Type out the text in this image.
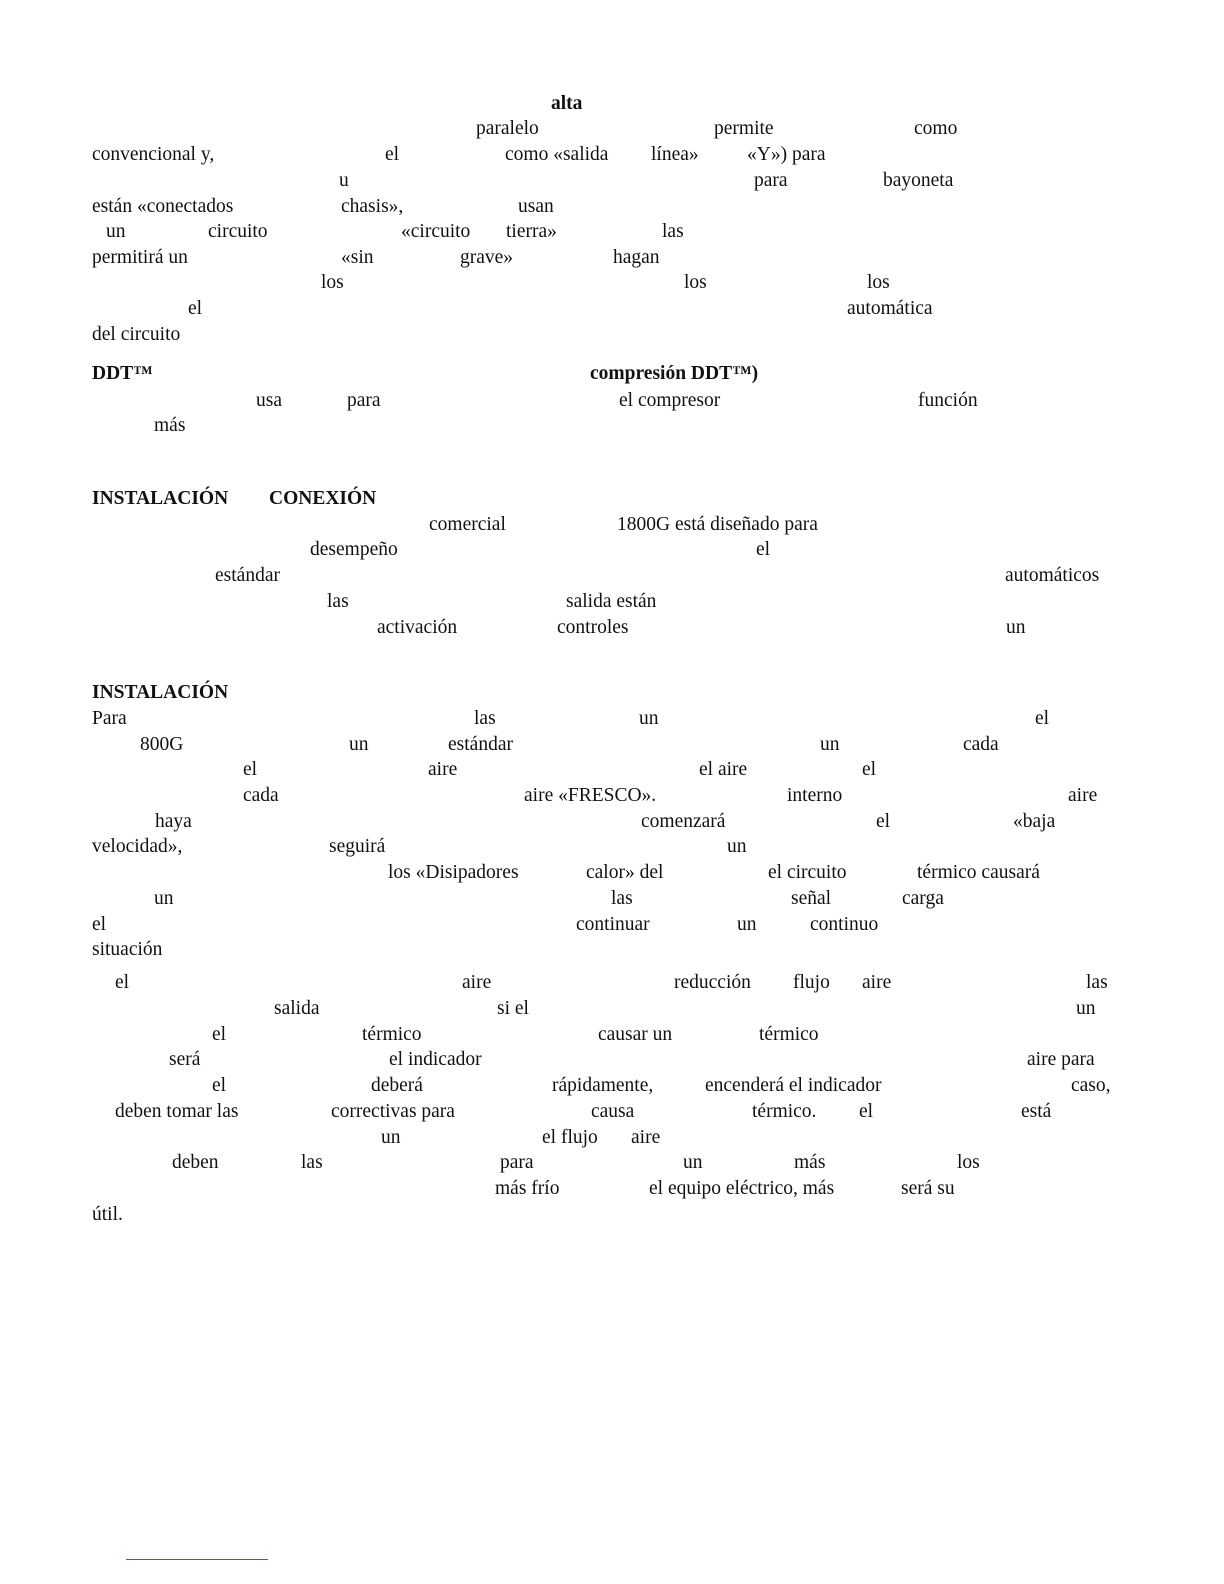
alta
paralelo	permite	como
convencional y,	el	como «salida línea» «Y») para
u	para	bayoneta
están «conectados	chasis»,	usan
un	circuito	«circuito tierra»	las
permitirá un	«sin	grave»	hagan
los	los	los
el	automática
del circuito
DDT™	compresión DDT™)
usa	para	el compresor	función
más
INSTALACIÓN CONEXIÓN
comercial	1800G está diseñado para
desempeño	el
estándar	automáticos
las	salida están
activación	controles	un
INSTALACIÓN
Para	las	un	el
800G	un	estándar	un	cada
el	aire	el aire	el
cada	aire «FRESCO».	interno	aire
haya	comenzará	el	«baja
velocidad»,	seguirá	un
los «Disipadores	calor» del	el circuito	térmico causará
un	las	señal	carga
el	continuar	un	continuo
situación
el	aire	reducción flujo aire	las
salida	si el	un
el	térmico	causar un	térmico
será	el indicador	aire para
el	deberá	rápidamente,	encenderá el indicador	caso,
deben tomar las	correctivas para	causa	térmico. el	está
un	el flujo aire
deben	las	para	un	más	los
más frío	el equipo eléctrico, más	será su
útil.
